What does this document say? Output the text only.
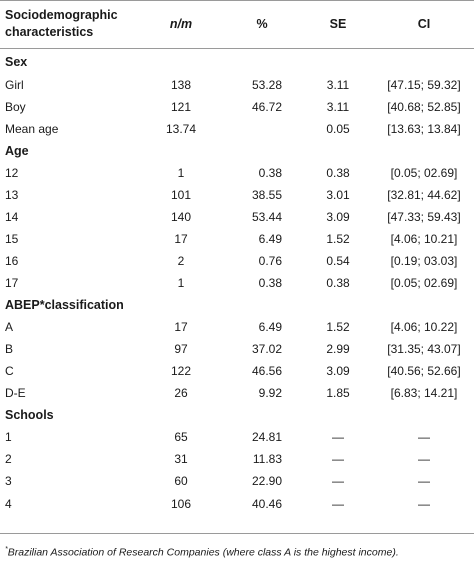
Sociodemographic characteristics	n/m	%	SE	CI
Sex				
Girl	138	53.28	3.11	[47.15; 59.32]
Boy	121	46.72	3.11	[40.68; 52.85]
Mean age	13.74		0.05	[13.63; 13.84]
Age				
12	1	0.38	0.38	[0.05; 02.69]
13	101	38.55	3.01	[32.81; 44.62]
14	140	53.44	3.09	[47.33; 59.43]
15	17	6.49	1.52	[4.06; 10.21]
16	2	0.76	0.54	[0.19; 03.03]
17	1	0.38	0.38	[0.05; 02.69]
ABEP*classification				
A	17	6.49	1.52	[4.06; 10.22]
B	97	37.02	2.99	[31.35; 43.07]
C	122	46.56	3.09	[40.56; 52.66]
D-E	26	9.92	1.85	[6.83; 14.21]
Schools				
1	65	24.81	—	—
2	31	11.83	—	—
3	60	22.90	—	—
4	106	40.46	—	—
*Brazilian Association of Research Companies (where class A is the highest income).
